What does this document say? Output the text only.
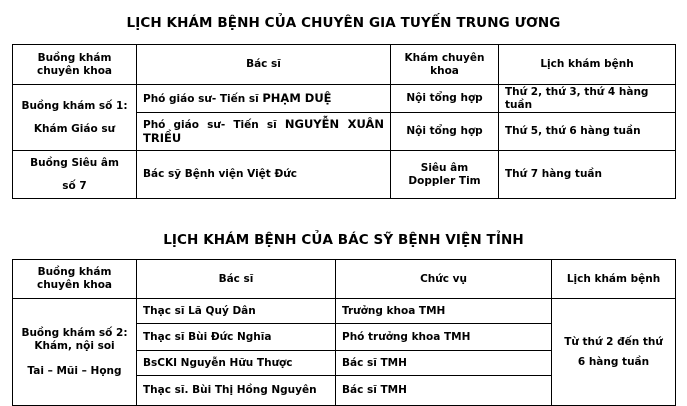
LỊCH KHÁM BỆNH CỦA CHUYÊN GIA TUYẾN TRUNG ƯƠNG
Buồng khám chuyên khoa	Bác sĩ	Khám chuyên khoa	Lịch khám bệnh

Buồng khám số 1:
Khám Giáo sư	Phó giáo sư- Tiến sĩ PHẠM DUỆ	Nội tổng hợp	Thứ 2, thứ 3, thứ 4 hàng tuần
	Phó giáo sư- Tiến sĩ NGUYỄN XUÂN TRIỀU	Nội tổng hợp	Thứ 5, thứ 6 hàng tuần

Buồng Siêu âm
số 7	Bác sỹ Bệnh viện Việt Đức	Siêu âm Doppler Tim	Thứ 7 hàng tuần
LỊCH KHÁM BỆNH CỦA BÁC SỸ BỆNH VIỆN TỈNH
Buồng khám chuyên khoa	Bác sĩ	Chức vụ	Lịch khám bệnh

Buồng khám số 2:
Khám, nội soi
Tai – Mũi – Họng	Thạc sĩ Lã Quý Dân	Trưởng khoa TMH	Từ thứ 2 đến thứ 6 hàng tuần

	Thạc sĩ Bùi Đức Nghĩa	Phó trưởng khoa TMH	
	BsCKI Nguyễn Hữu Thược	Bác sĩ TMH	
	Thạc sĩ. Bùi Thị Hồng Nguyên	Bác sĩ TMH	
